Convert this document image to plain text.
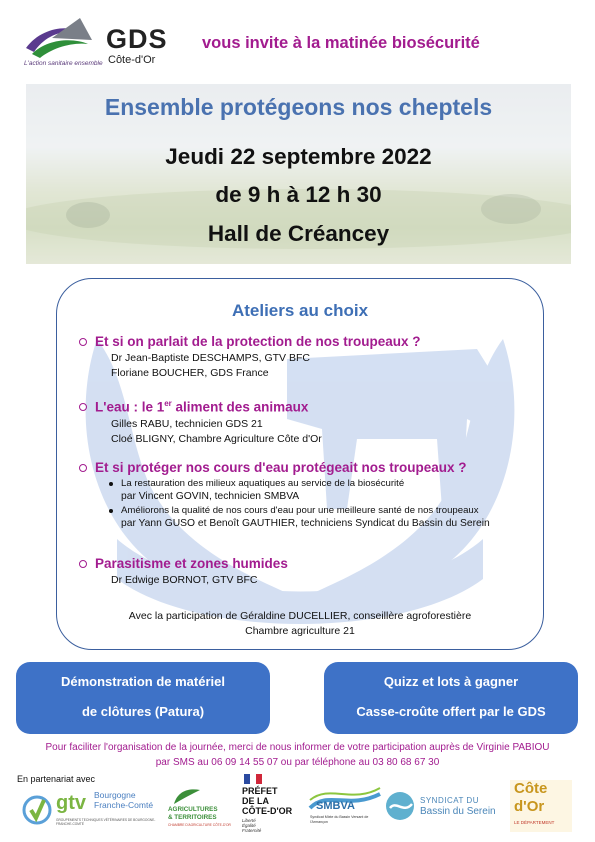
L'action sanitaire ensemble
GDS
Côte-d'Or
vous invite à la matinée biosécurité
Ensemble protégeons nos cheptels
Jeudi 22 septembre 2022
de 9 h à 12 h 30
Hall de Créancey
Ateliers au choix
Et si on parlait de la protection de nos troupeaux ?
Dr Jean-Baptiste DESCHAMPS, GTV BFC
Floriane BOUCHER, GDS France
L'eau : le 1er aliment des animaux
Gilles RABU, technicien GDS 21
Cloé BLIGNY, Chambre Agriculture Côte d'Or
Et si protéger nos cours d'eau protégeait nos troupeaux ?
La restauration des milieux aquatiques au service de la biosécurité
par Vincent GOVIN, technicien SMBVA
Améliorons la qualité de nos cours d'eau pour une meilleure santé de nos troupeaux
par Yann GUSO et Benoît GAUTHIER, techniciens Syndicat du Bassin du Serein
Parasitisme et zones humides
Dr Edwige BORNOT, GTV BFC
Avec la participation de Géraldine DUCELLIER, conseillère agroforestière
Chambre agriculture 21
Démonstration de matériel
de clôtures (Patura)
Quizz et lots à gagner
Casse-croûte offert par le GDS
Pour faciliter l'organisation de la journée, merci de nous informer de votre participation auprès de Virginie PABIOU
par SMS au 06 09 14 55 07 ou par téléphone au 03 80 68 67 30
En partenariat avec
gtv Bourgogne
Franche-Comté
GROUPEMENTS TECHNIQUES VÉTÉRINAIRES DE BOURGOGNE-FRANCHE-COMTÉ
AGRICULTURES
& TERRITOIRES
CHAMBRE D'AGRICULTURE CÔTE-D'OR
PRÉFET
DE LA
CÔTE-D'OR
Liberté
Égalité
Fraternité
SMBVA
Syndicat Mixte du Bassin Versant de l'Armançon
SYNDICAT DU
Bassin du Serein
Côte
d'Or
LE DÉPARTEMENT
